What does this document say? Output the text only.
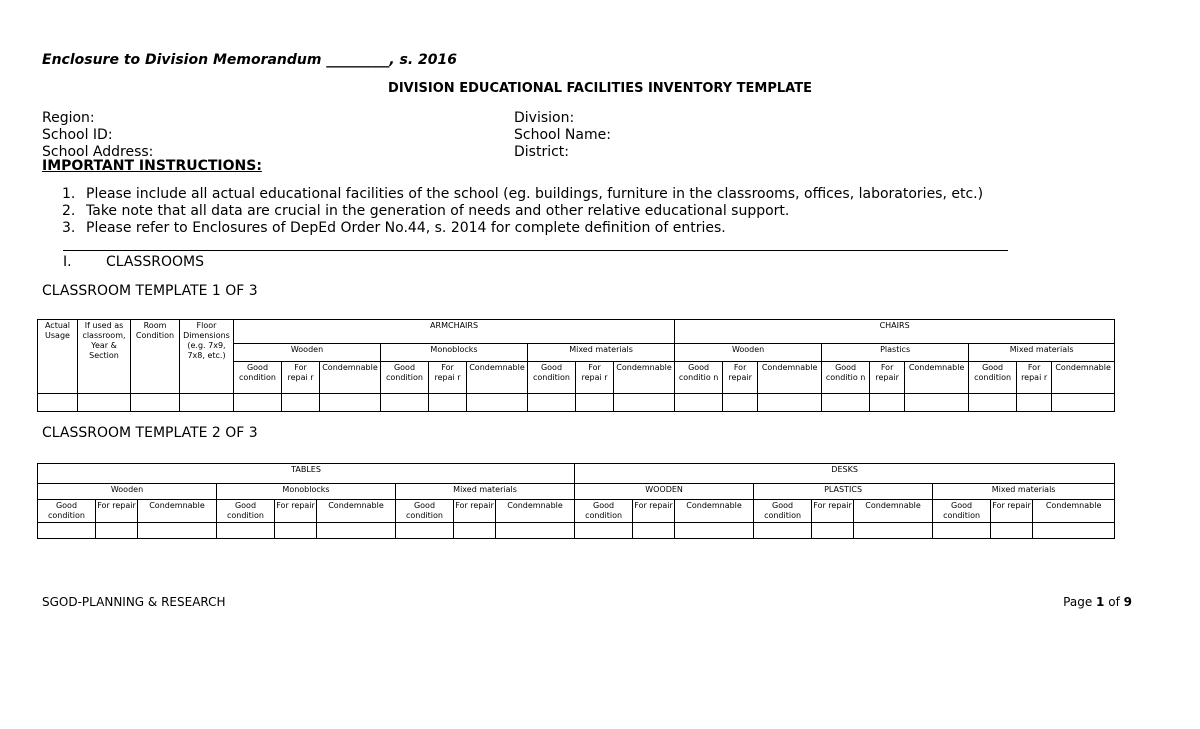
Enclosure to Division Memorandum _________, s. 2016
DIVISION EDUCATIONAL FACILITIES INVENTORY TEMPLATE
Region:
School ID:
School Address:
Division:
School Name:
District:
IMPORTANT INSTRUCTIONS:
1. Please include all actual educational facilities of the school (eg. buildings, furniture in the classrooms, offices, laboratories, etc.)
2. Take note that all data are crucial in the generation of needs and other relative educational support.
3. Please refer to Enclosures of DepEd Order No.44, s. 2014 for complete definition of entries.
I. CLASSROOMS
CLASSROOM TEMPLATE 1 OF 3
Actual Usage	If used as classroom, Year & Section	Room Condition	Floor Dimensions (e.g. 7x9, 7x8, etc.)	ARMCHAIRS									CHAIRS								
				Wooden			Monoblocks			Mixed materials			Wooden			Plastics			Mixed materials		
				Good condition	For repai r	Condemnable	Good condition	For repai r	Condemnable	Good condition	For repai r	Condemnable	Good conditio n	For repair	Condemnable	Good conditio n	For repair	Condemnable	Good condition	For repai r	Condemnable

CLASSROOM TEMPLATE 2 OF 3
TABLES									DESKS								
Wooden			Monoblocks			Mixed materials			WOODEN			PLASTICS			Mixed materials		
Good condition	For repair	Condemnable	Good condition	For repair	Condemnable	Good condition	For repair	Condemnable	Good condition	For repair	Condemnable	Good condition	For repair	Condemnable	Good condition	For repair	Condemnable

SGOD-PLANNING & RESEARCH	Page 1 of 9
